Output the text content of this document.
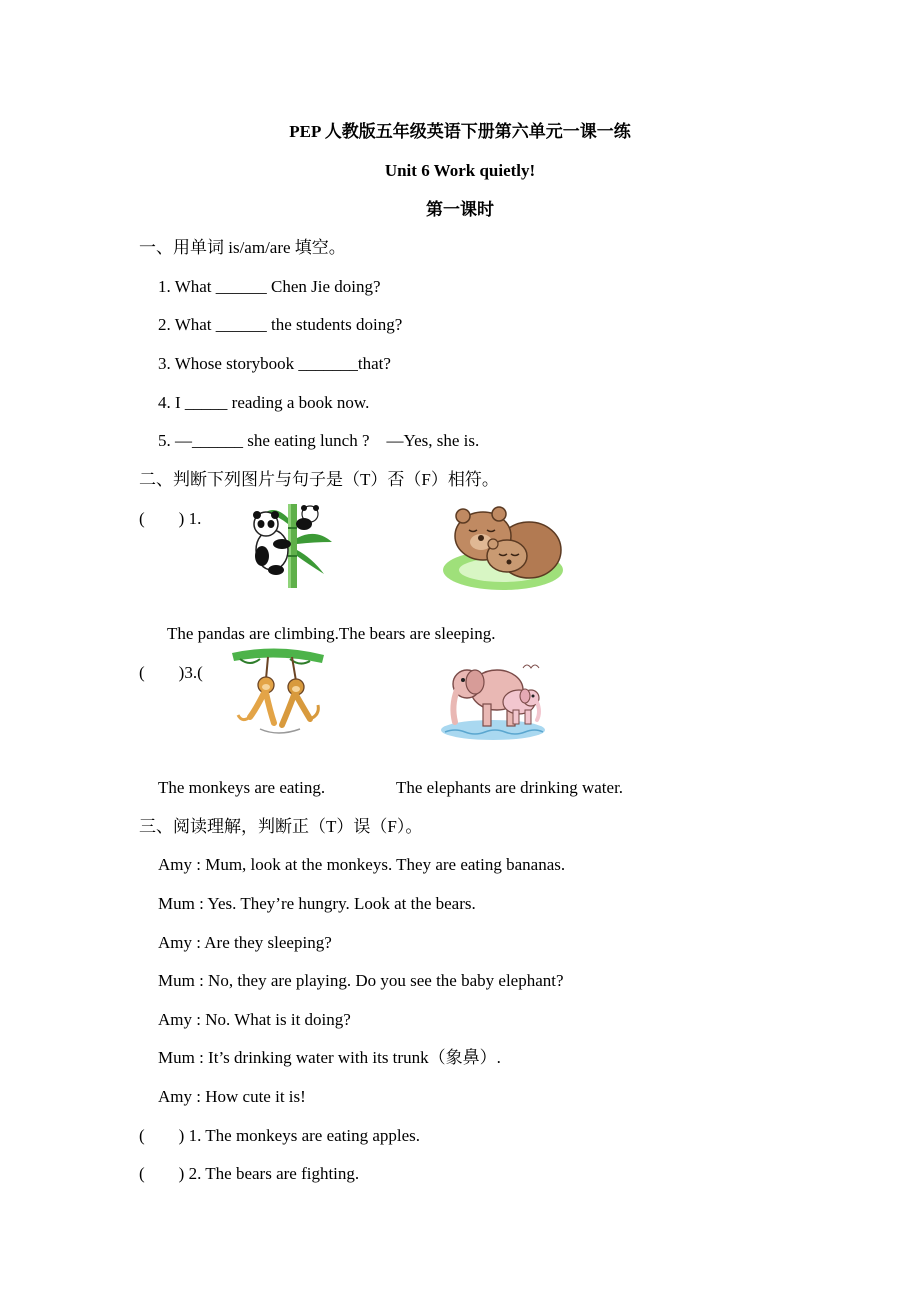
PEP 人教版五年级英语下册第六单元一课一练
Unit 6 Work quietly!
第一课时
一、用单词 is/am/are 填空。
1. What ______ Chen Jie doing?
2. What ______ the students doing?
3. Whose storybook _______that?
4. I _____ reading a book now.
5. —______ she eating lunch ?    —Yes, she is.
二、判断下列图片与句子是（T）否（F）相符。
(        ) 1.
The pandas are climbing.The bears are sleeping.
(        )3.(
The monkeys are eating.	The elephants are drinking water.
三、阅读理解，判断正（T）误（F）。
Amy : Mum, look at the monkeys. They are eating bananas.
Mum : Yes. They’re hungry. Look at the bears.
Amy : Are they sleeping?
Mum : No, they are playing. Do you see the baby elephant?
Amy : No. What is it doing?
Mum : It’s drinking water with its trunk（象鼻）.
Amy : How cute it is!
(        ) 1. The monkeys are eating apples.
(        ) 2. The bears are fighting.
